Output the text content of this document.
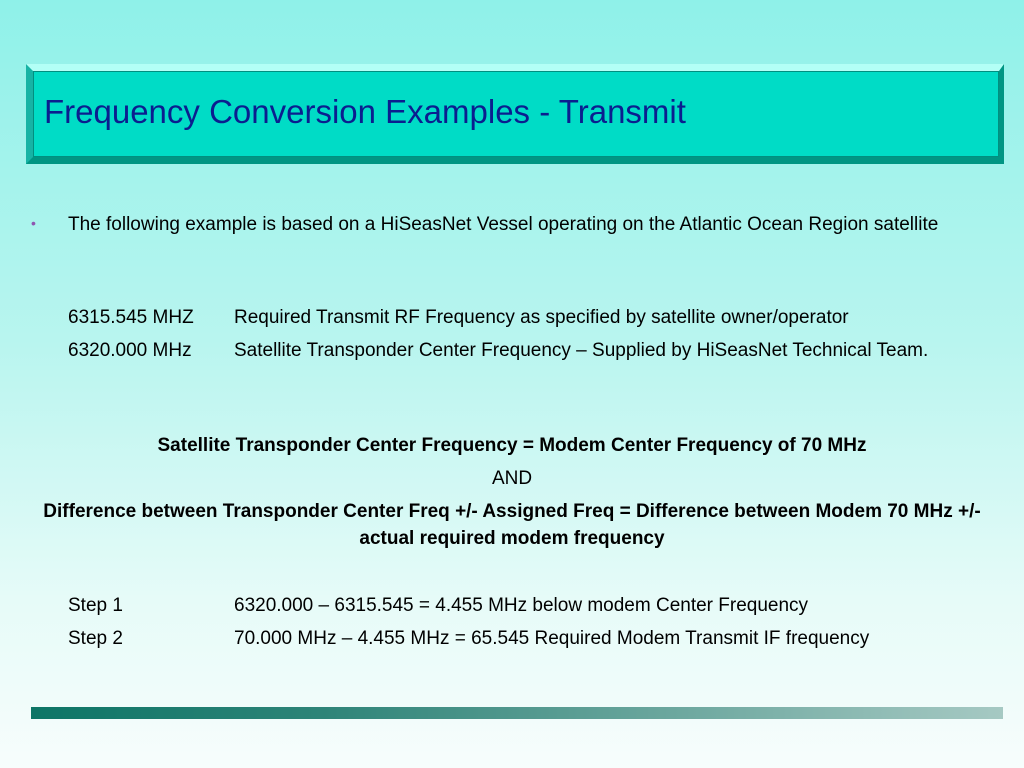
Frequency Conversion Examples - Transmit
• The following example is based on a HiSeasNet Vessel operating on the Atlantic Ocean Region satellite
6315.545 MHZ Required Transmit RF Frequency as specified by satellite owner/operator
6320.000 MHz Satellite Transponder Center Frequency – Supplied by HiSeasNet Technical Team.
Satellite Transponder Center Frequency = Modem Center Frequency of 70 MHz
AND
Difference between Transponder Center Freq +/- Assigned Freq = Difference between Modem 70 MHz +/- actual required modem frequency
Step 1	6320.000 – 6315.545 = 4.455 MHz below modem Center Frequency
Step 2	70.000 MHz – 4.455 MHz = 65.545 Required Modem Transmit IF frequency
